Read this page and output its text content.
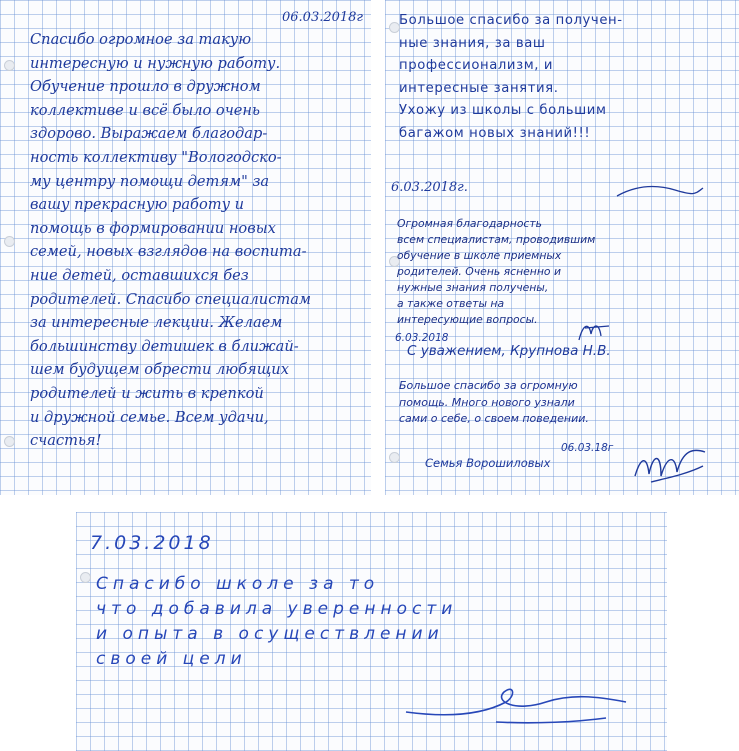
06.03.2018г

Спасибо огромное за такую
интересную и нужную работу.
Обучение прошло в дружном
коллективе и всё было очень
здорово. Выражаем благодар-
ность коллективу "Вологодско-
му центру помощи детям" за
вашу прекрасную работу и
помощь в формировании новых
семей, новых взглядов на воспита-
ние детей, оставшихся без
родителей. Спасибо специалистам
за интересные лекции. Желаем
большинству детишек в ближай-
шем будущем обрести любящих
родителей и жить в крепкой
и дружной семье. Всем удачи,
счастья!

Большое спасибо за получен-
ные знания, за ваш
профессионализм, и
интересные занятия.
Ухожу из школы с большим
багажом новых знаний!!!

6.03.2018г.

Огромная благодарность
всем специалистам, проводившим
обучение в школе приемных
родителей. Очень ясненно и
нужные знания получены,
а также ответы на
интересующие вопросы.

6.03.2018
С уважением, Крупнова Н.В.

Большое спасибо за огромную
помощь. Много нового узнали
сами о себе, о своем поведении.

06.03.18г
Семья Ворошиловых
7.03.2018

Спасибо школе за то
что добавила уверенности
и опыта в осуществлении
своей цели
